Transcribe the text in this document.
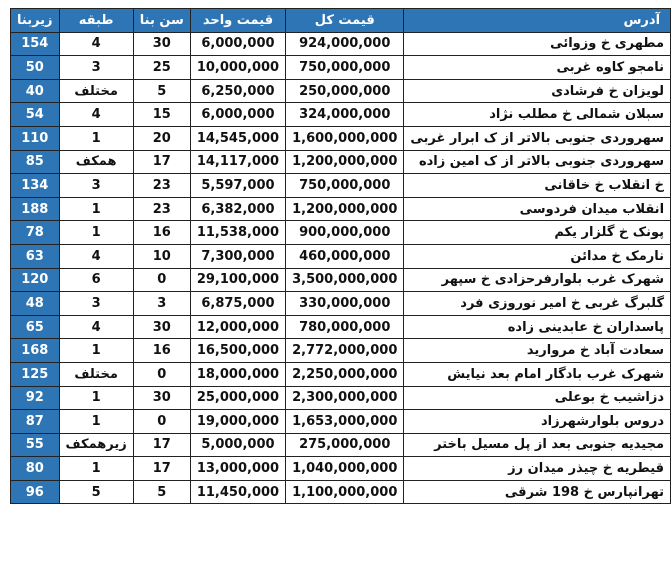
آدرس	قیمت کل	قیمت واحد	سن بنا	طبقه	زیربنا
مطهری خ وزوائی	924,000,000	6,000,000	30	4	154
نامجو کاوه غربی	750,000,000	10,000,000	25	3	50
لویزان خ فرشادی	250,000,000	6,250,000	5	مختلف	40
سبلان شمالی خ مطلب نژاد	324,000,000	6,000,000	15	4	54
سهروردی جنوبی بالاتر از ک ابرار غربی	1,600,000,000	14,545,000	20	1	110
سهروردی جنوبی بالاتر از ک امین زاده	1,200,000,000	14,117,000	17	همکف	85
خ انقلاب خ خاقانی	750,000,000	5,597,000	23	3	134
انقلاب میدان فردوسی	1,200,000,000	6,382,000	23	1	188
پونک خ گلزار یکم	900,000,000	11,538,000	16	1	78
نارمک خ مدائن	460,000,000	7,300,000	10	4	63
شهرک غرب بلوارفرحزادی خ سپهر	3,500,000,000	29,100,000	0	6	120
گلبرگ غربی خ امیر نوروزی فرد	330,000,000	6,875,000	3	3	48
پاسداران خ عابدینی زاده	780,000,000	12,000,000	30	4	65
سعادت آباد خ مروارید	2,772,000,000	16,500,000	16	1	168
شهرک غرب بادگار امام بعد نیایش	2,250,000,000	18,000,000	0	مختلف	125
دزاشیب خ بوعلی	2,300,000,000	25,000,000	30	1	92
دروس بلوارشهرزاد	1,653,000,000	19,000,000	0	1	87
مجیدیه جنوبی بعد از پل مسیل باختر	275,000,000	5,000,000	17	زیرهمکف	55
قیطریه خ چیذر میدان رز	1,040,000,000	13,000,000	17	1	80
تهرانپارس خ 198 شرقی	1,100,000,000	11,450,000	5	5	96
